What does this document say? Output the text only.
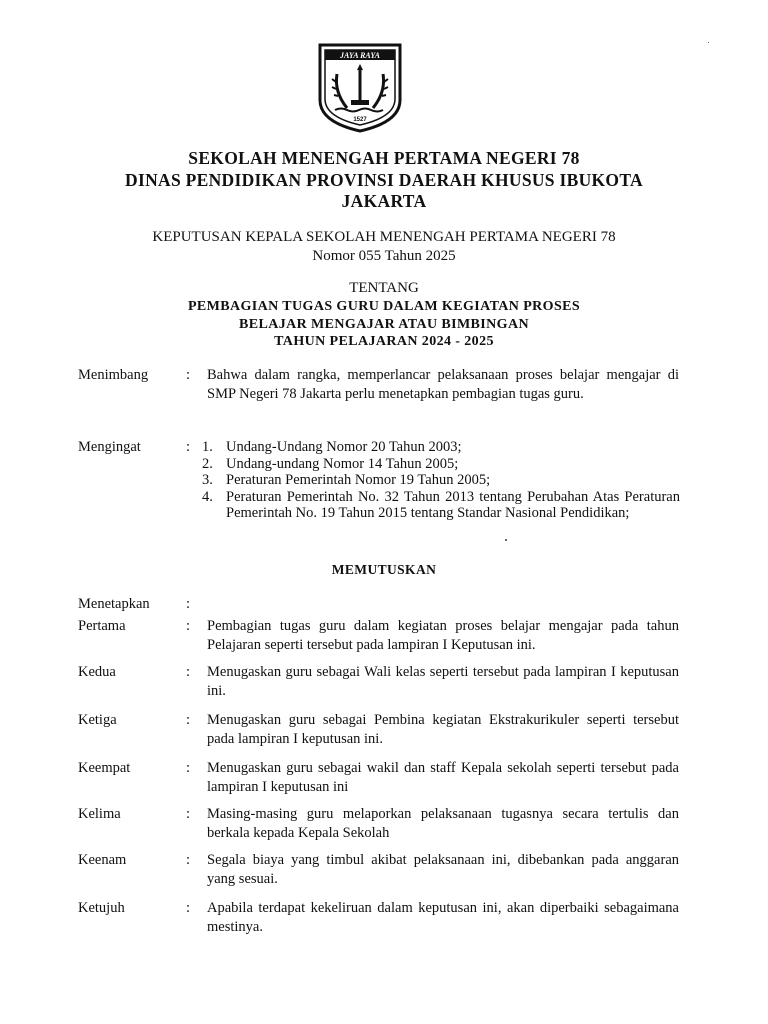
JAYA RAYA
1527
SEKOLAH MENENGAH PERTAMA NEGERI 78
DINAS PENDIDIKAN PROVINSI DAERAH KHUSUS IBUKOTA
JAKARTA
KEPUTUSAN KEPALA SEKOLAH MENENGAH PERTAMA NEGERI 78
Nomor 055 Tahun 2025
TENTANG
PEMBAGIAN TUGAS GURU DALAM KEGIATAN PROSES
BELAJAR MENGAJAR ATAU BIMBINGAN
TAHUN PELAJARAN 2024 - 2025
Menimbang	: Bahwa dalam rangka, memperlancar pelaksanaan proses belajar mengajar di SMP Negeri 78 Jakarta perlu menetapkan pembagian tugas guru.
Mengingat	: 1. Undang-Undang Nomor 20 Tahun 2003;
2. Undang-undang Nomor 14 Tahun 2005;
3. Peraturan Pemerintah Nomor 19 Tahun 2005;
4. Peraturan Pemerintah No. 32 Tahun 2013 tentang Perubahan Atas Peraturan Pemerintah No. 19 Tahun 2015 tentang Standar Nasional Pendidikan;
MEMUTUSKAN
Menetapkan	:
Pertama	: Pembagian tugas guru dalam kegiatan proses belajar mengajar pada tahun Pelajaran seperti tersebut pada lampiran I Keputusan ini.
Kedua	: Menugaskan guru sebagai Wali kelas seperti tersebut pada lampiran I keputusan ini.
Ketiga	: Menugaskan guru sebagai Pembina kegiatan Ekstrakurikuler seperti tersebut pada lampiran I keputusan ini.
Keempat	: Menugaskan guru sebagai wakil dan staff Kepala sekolah seperti tersebut pada lampiran I keputusan ini
Kelima	: Masing-masing guru melaporkan pelaksanaan tugasnya secara tertulis dan berkala kepada Kepala Sekolah
Keenam	: Segala biaya yang timbul akibat pelaksanaan ini, dibebankan pada anggaran yang sesuai.
Ketujuh	: Apabila terdapat kekeliruan dalam keputusan ini, akan diperbaiki sebagaimana mestinya.
